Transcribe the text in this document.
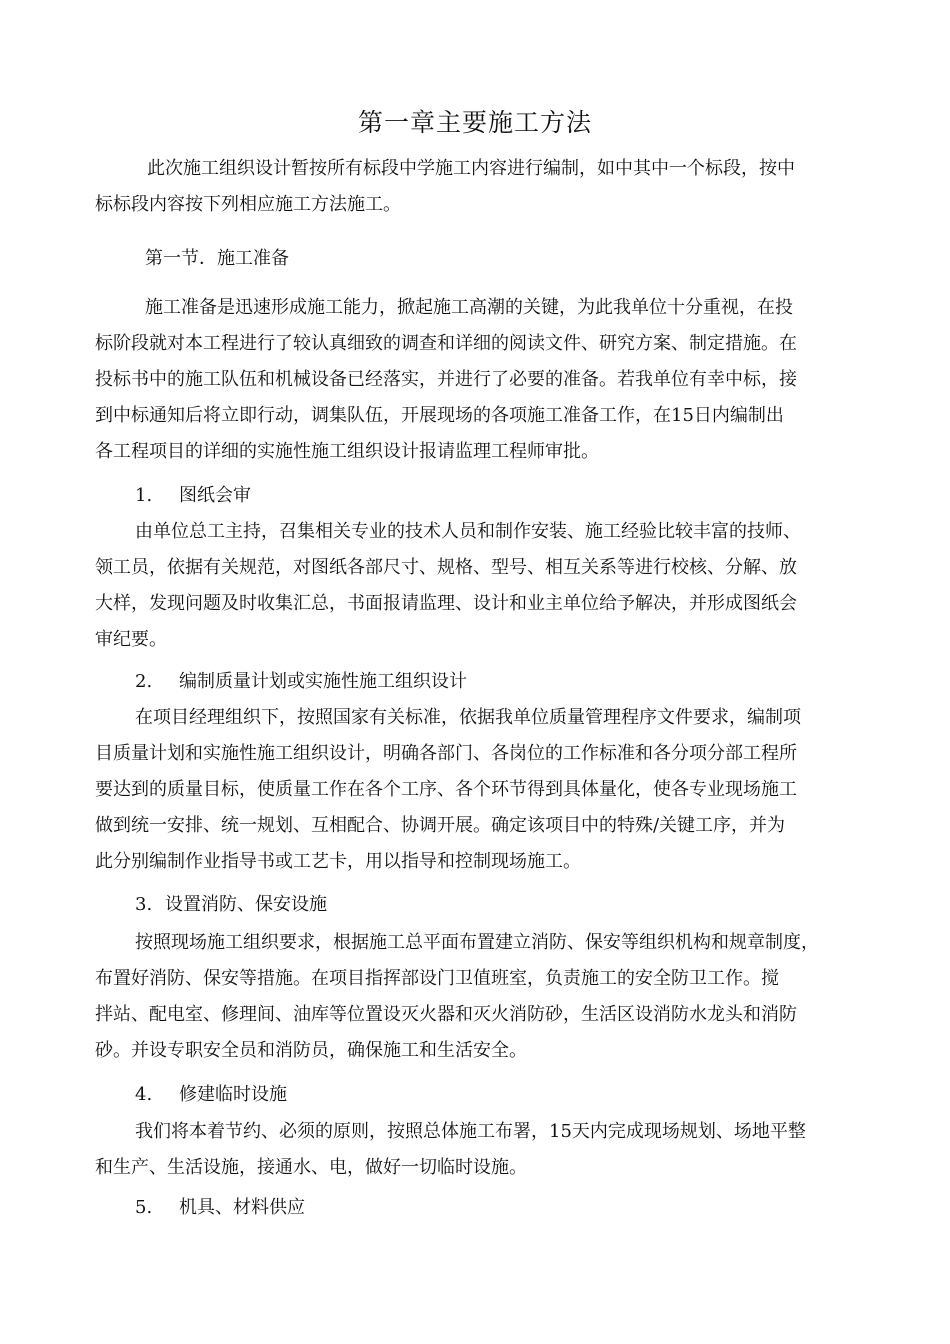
第一章主要施工方法
此次施工组织设计暂按所有标段中学施工内容进行编制，如中其中一个标段，按中
标标段内容按下列相应施工方法施工。
第一节．施工准备
施工准备是迅速形成施工能力，掀起施工高潮的关键，为此我单位十分重视，在投
标阶段就对本工程进行了较认真细致的调查和详细的阅读文件、研究方案、制定措施。在
投标书中的施工队伍和机械设备已经落实，并进行了必要的准备。若我单位有幸中标，接
到中标通知后将立即行动，调集队伍，开展现场的各项施工准备工作，在15日内编制出
各工程项目的详细的实施性施工组织设计报请监理工程师审批。
1. 图纸会审
由单位总工主持，召集相关专业的技术人员和制作安装、施工经验比较丰富的技师、
领工员，依据有关规范，对图纸各部尺寸、规格、型号、相互关系等进行校核、分解、放
大样，发现问题及时收集汇总，书面报请监理、设计和业主单位给予解决，并形成图纸会
审纪要。
2. 编制质量计划或实施性施工组织设计
在项目经理组织下，按照国家有关标准，依据我单位质量管理程序文件要求，编制项
目质量计划和实施性施工组织设计，明确各部门、各岗位的工作标准和各分项分部工程所
要达到的质量目标，使质量工作在各个工序、各个环节得到具体量化，使各专业现场施工
做到统一安排、统一规划、互相配合、协调开展。确定该项目中的特殊/关键工序，并为
此分别编制作业指导书或工艺卡，用以指导和控制现场施工。
3. 设置消防、保安设施
按照现场施工组织要求，根据施工总平面布置建立消防、保安等组织机构和规章制度，
布置好消防、保安等措施。在项目指挥部设门卫值班室，负责施工的安全防卫工作。搅
拌站、配电室、修理间、油库等位置设灭火器和灭火消防砂，生活区设消防水龙头和消防
砂。并设专职安全员和消防员，确保施工和生活安全。
4. 修建临时设施
我们将本着节约、必须的原则，按照总体施工布署，15天内完成现场规划、场地平整
和生产、生活设施，接通水、电，做好一切临时设施。
5. 机具、材料供应
